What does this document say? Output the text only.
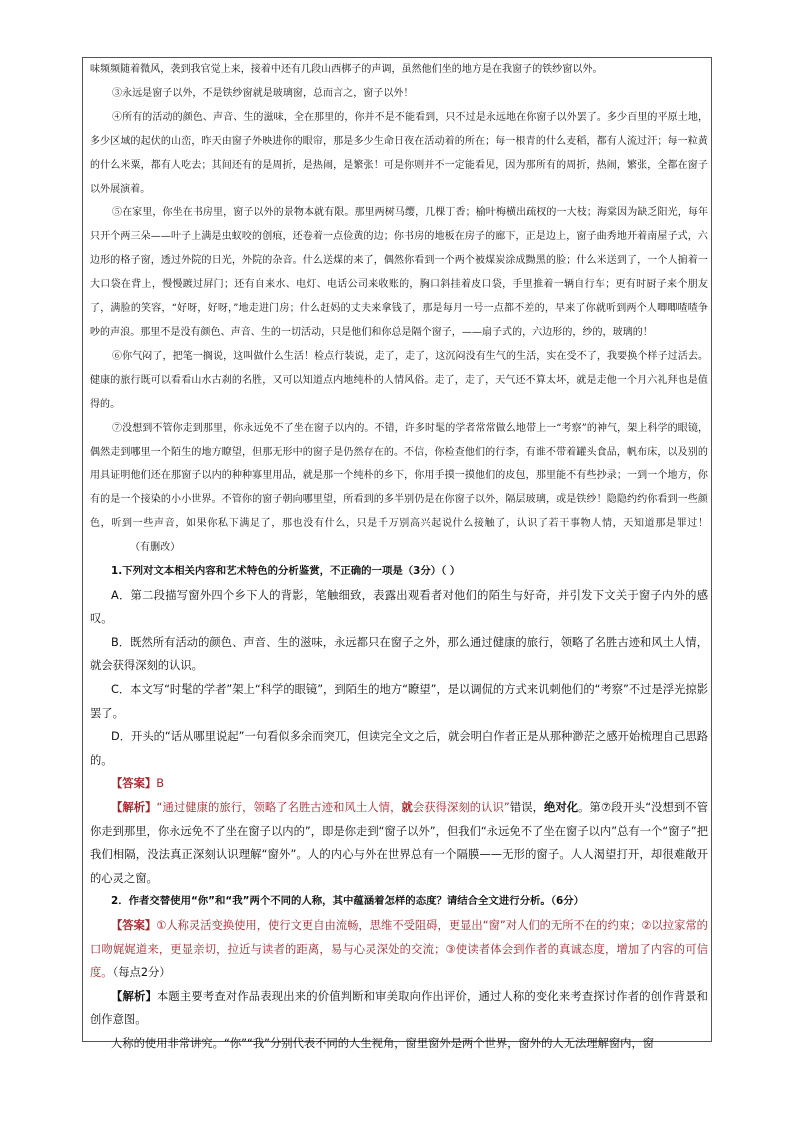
味频频随着微风，袭到我官觉上来，接着中还有几段山西梆子的声调，虽然他们坐的地方是在我窗子的铁纱窗以外。

③永远是窗子以外，不是铁纱窗就是玻璃窗，总而言之，窗子以外！

④所有的活动的颜色、声音、生的滋味，全在那里的，你并不是不能看到，只不过是永远地在你窗子以外罢了。多少百里的平原土地，多少区域的起伏的山峦，昨天由窗子外映进你的眼帘，那是多少生命日夜在活动着的所在；每一根青的什么麦稻，都有人流过汗；每一粒黄的什么米粟，都有人吃去；其间还有的是周折，是热闹，是繁张！可是你则并不一定能看见，因为那所有的周折，热闹，繁张，全都在窗子以外展演着。

⑤在家里，你坐在书房里，窗子以外的景物本就有限。那里两树马缨，几棵丁香；榆叶梅横出疏杈的一大枝；海棠因为缺乏阳光，每年只开个两三朵——叶子上满是虫蚁咬的创痕，还卷着一点俭黄的边；你书房的地板在房子的廊下，正是边上，窗子曲秀地开着南屋子式，六边形的格子窗，透过外院的日光，外院的杂音。什么送煤的来了，偶然你看到一个两个被煤炭涂成黝黑的脸；什么米送到了，一个人掮着一大口袋在背上，慢慢踱过屏门；还有自来水、电灯、电话公司来收账的，胸口斜挂着皮口袋，手里推着一辆自行车；更有时厨子来个朋友了，满脸的笑容，“好呀，好呀，”地走进门房；什么赶妈的丈夫来拿钱了，那是每月一号一点都不差的，早来了你就听到两个人唧唧喳喳争吵的声浪。那里不是没有颜色、声音、生的一切活动，只是他们和你总是隔个窗子，——扇子式的，六边形的，纱的，玻璃的！

⑥你气闷了，把笔一搁说，这叫做什么生活！检点行装说，走了，走了，这沉闷没有生气的生活，实在受不了，我要换个样子过活去。健康的旅行既可以看看山水古刹的名胜，又可以知道点内地纯朴的人情风俗。走了，走了，天气还不算太坏，就是走他一个月六礼拜也是值得的。

⑦没想到不管你走到那里，你永远免不了坐在窗子以内的。不错，许多时髦的学者常常做么地带上一“考察”的神气，架上科学的眼镜，偶然走到哪里一个陌生的地方瞭望，但那无形中的窗子是仍然存在的。不信，你检查他们的行李，有谁不带着罐头食品，帆布床，以及别的用具证明他们还在那窗子以内的种种寡里用品，就是那一个纯朴的乡下，你用手摸一摸他们的皮包，那里能不有些抄录；一到一个地方，你有的是一个接染的小小世界。不管你的窗子朝向哪里望，所看到的多半别仍是在你窗子以外，隔层玻璃，或是铁纱！隐隐约约你看到一些颜色，听到一些声音，如果你私下满足了，那也没有什么，只是千万别高兴起说什么接触了，认识了若干事物人情，天知道那是罪过！（有删改）

1.下列对文本相关内容和艺术特色的分析鉴赏，不正确的一项是（3分）（ ）

A．第二段描写窗外四个乡下人的背影，笔触细致，表露出观看者对他们的陌生与好奇，并引发下文关于窗子内外的感叹。

B．既然所有活动的颜色、声音、生的滋味，永远都只在窗子之外，那么通过健康的旅行，领略了名胜古迹和风土人情，就会获得深刻的认识。

C．本文写“时髦的学者”架上“科学的眼镜”，到陌生的地方“瞭望”，是以调侃的方式来讥刺他们的“考察”不过是浮光掠影罢了。

D．开头的“话从哪里说起”一句看似多余而突兀，但读完全文之后，就会明白作者正是从那种渺茫之感开始梳理自己思路的。

【答案】B

【解析】“通过健康的旅行，领略了名胜古迹和风土人情，就会获得深刻的认识”错误，绝对化。第⑦段开头“没想到不管你走到那里，你永远免不了坐在窗子以内的”，即是你走到“窗子以外”，但我们“永远免不了坐在窗子以内”总有一个“窗子”把我们相隔，没法真正深刻认识理解“窗外”。人的内心与外在世界总有一个隔膜——无形的窗子。人人渴望打开，却很难敞开的心灵之窗。

2．作者交替使用“你”和“我”两个不同的人称，其中蕴涵着怎样的态度？请结合全文进行分析。（6分）

【答案】①人称灵活变换使用，使行文更自由流畅，思维不受阻碍，更显出“窗”对人们的无所不在的约束；②以拉家常的口吻娓娓道来，更显亲切，拉近与读者的距离，易与心灵深处的交流；③使读者体会到作者的真诚态度，增加了内容的可信度。（每点2分）

【解析】本题主要考查对作品表现出来的价值判断和审美取向作出评价，通过人称的变化来考查探讨作者的创作背景和创作意图。

人称的使用非常讲究。“你”“我”分别代表不同的人生视角，窗里窗外是两个世界，窗外的人无法理解窗内，窗
